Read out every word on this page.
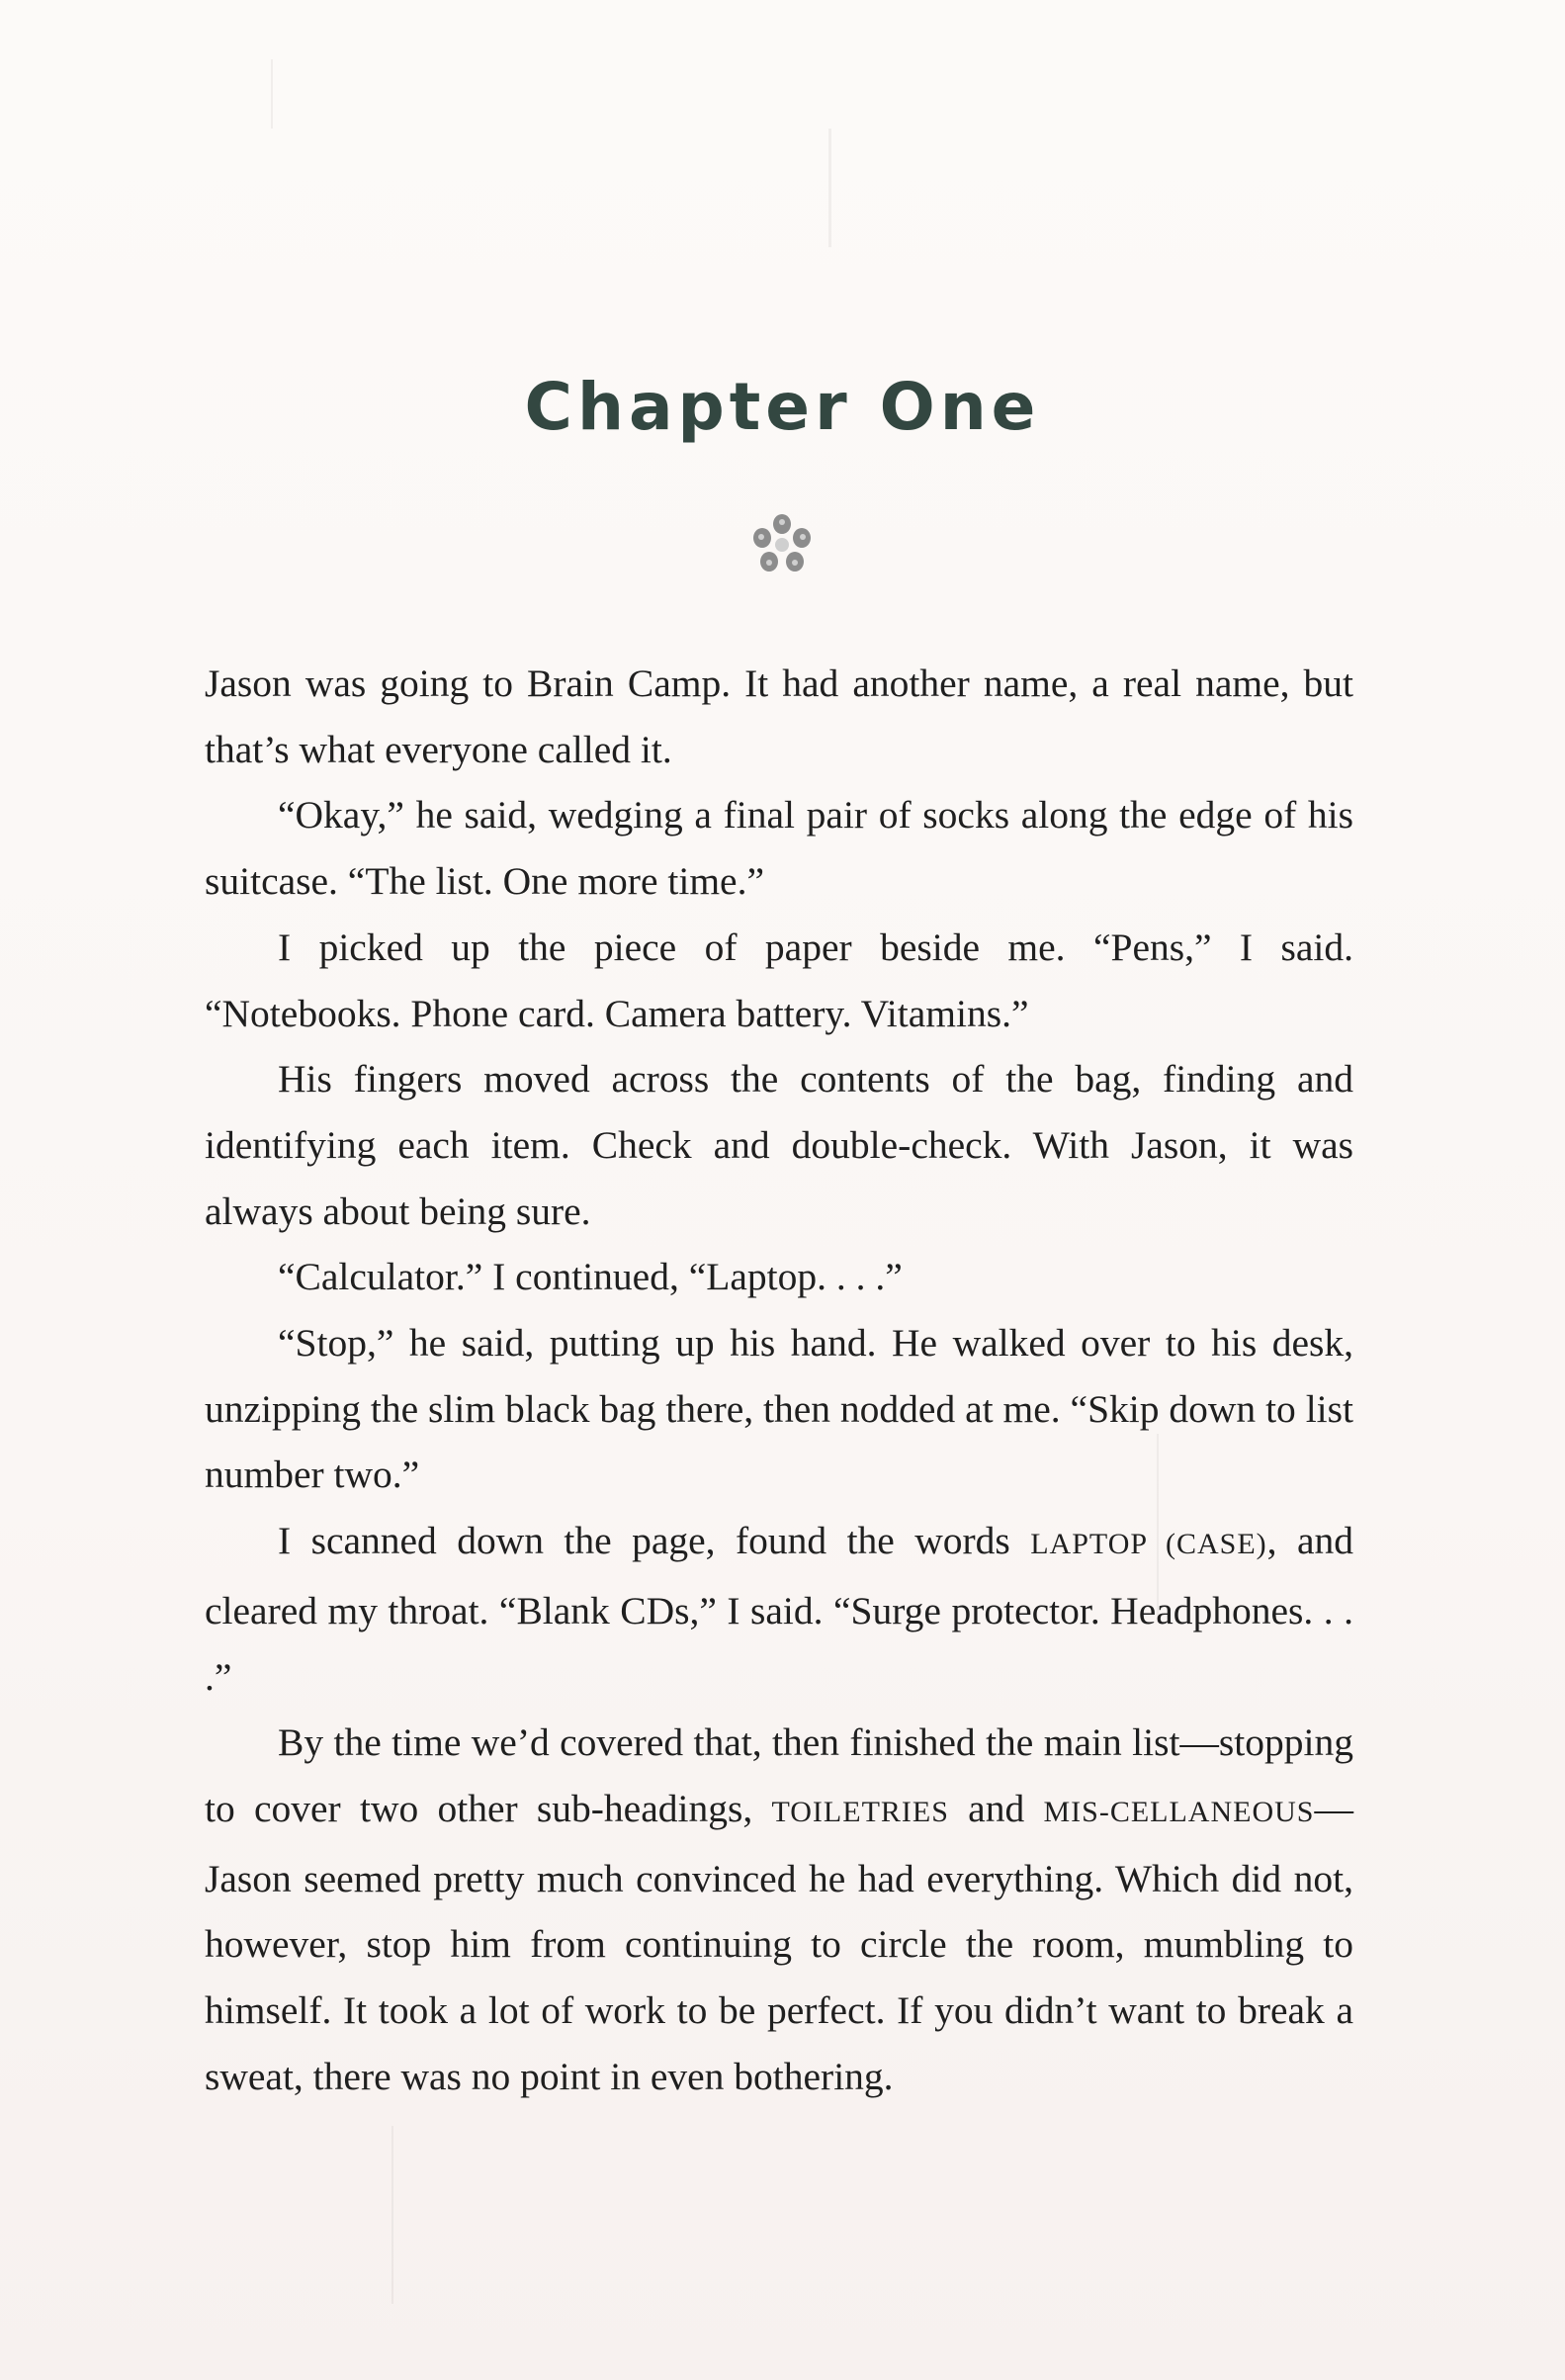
Chapter One

Jason was going to Brain Camp. It had another name, a real name, but that’s what everyone called it.

“Okay,” he said, wedging a final pair of socks along the edge of his suitcase. “The list. One more time.”

I picked up the piece of paper beside me. “Pens,” I said. “Notebooks. Phone card. Camera battery. Vitamins.”

His fingers moved across the contents of the bag, finding and identifying each item. Check and double-check. With Jason, it was always about being sure.

“Calculator.” I continued, “Laptop. . . .”

“Stop,” he said, putting up his hand. He walked over to his desk, unzipping the slim black bag there, then nodded at me. “Skip down to list number two.”

I scanned down the page, found the words LAPTOP (CASE), and cleared my throat. “Blank CDs,” I said. “Surge protector. Headphones. . . .”

By the time we’d covered that, then finished the main list—stopping to cover two other sub-headings, TOILETRIES and MIS-CELLANEOUS—Jason seemed pretty much convinced he had everything. Which did not, however, stop him from continuing to circle the room, mumbling to himself. It took a lot of work to be perfect. If you didn’t want to break a sweat, there was no point in even bothering.
